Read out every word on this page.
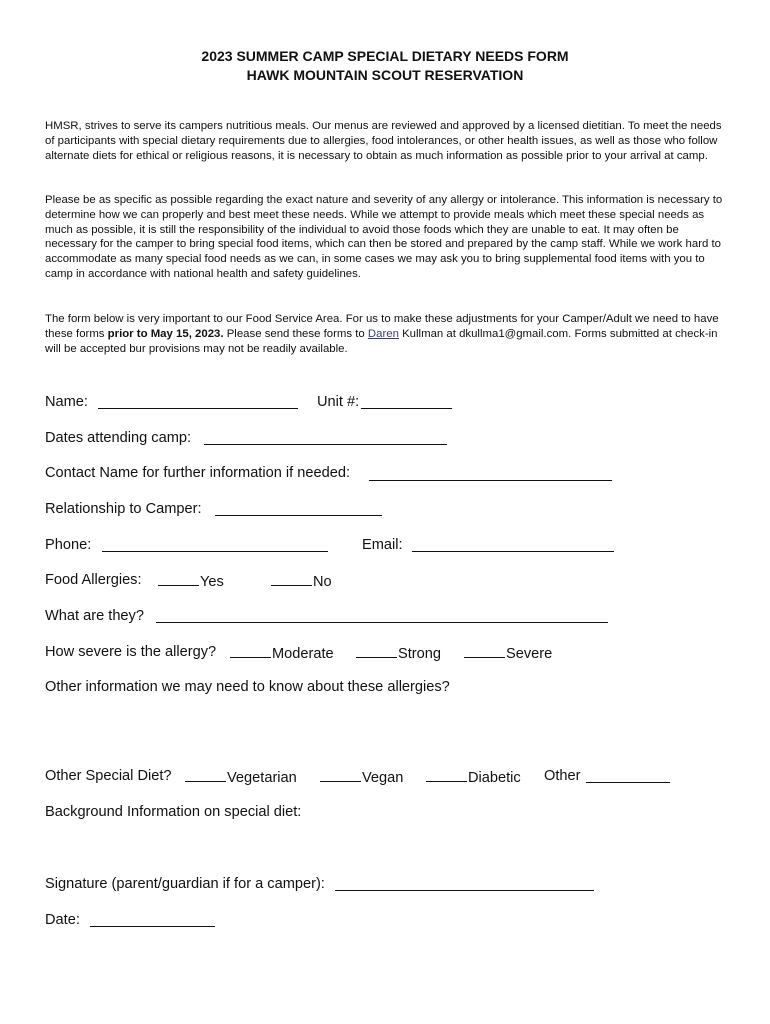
2023 SUMMER CAMP SPECIAL DIETARY NEEDS FORM
HAWK MOUNTAIN SCOUT RESERVATION

HMSR, strives to serve its campers nutritious meals. Our menus are reviewed and approved by a licensed dietitian. To meet the needs of participants with special dietary requirements due to allergies, food intolerances, or other health issues, as well as those who follow alternate diets for ethical or religious reasons, it is necessary to obtain as much information as possible prior to your arrival at camp.

Please be as specific as possible regarding the exact nature and severity of any allergy or intolerance. This information is necessary to determine how we can properly and best meet these needs. While we attempt to provide meals which meet these special needs as much as possible, it is still the responsibility of the individual to avoid those foods which they are unable to eat. It may often be necessary for the camper to bring special food items, which can then be stored and prepared by the camp staff. While we work hard to accommodate as many special food needs as we can, in some cases we may ask you to bring supplemental food items with you to camp in accordance with national health and safety guidelines.

The form below is very important to our Food Service Area. For us to make these adjustments for your Camper/Adult we need to have these forms prior to May 15, 2023. Please send these forms to Daren Kullman at dkullma1@gmail.com. Forms submitted at check-in will be accepted bur provisions may not be readily available.

Name:	Unit #:
Dates attending camp:
Contact Name for further information if needed:
Relationship to Camper:
Phone:	Email:
Food Allergies:	Yes	No
What are they?
How severe is the allergy?	Moderate	Strong	Severe
Other information we may need to know about these allergies?
Other Special Diet?	Vegetarian	Vegan	Diabetic Other
Background Information on special diet:
Signature (parent/guardian if for a camper):
Date:
